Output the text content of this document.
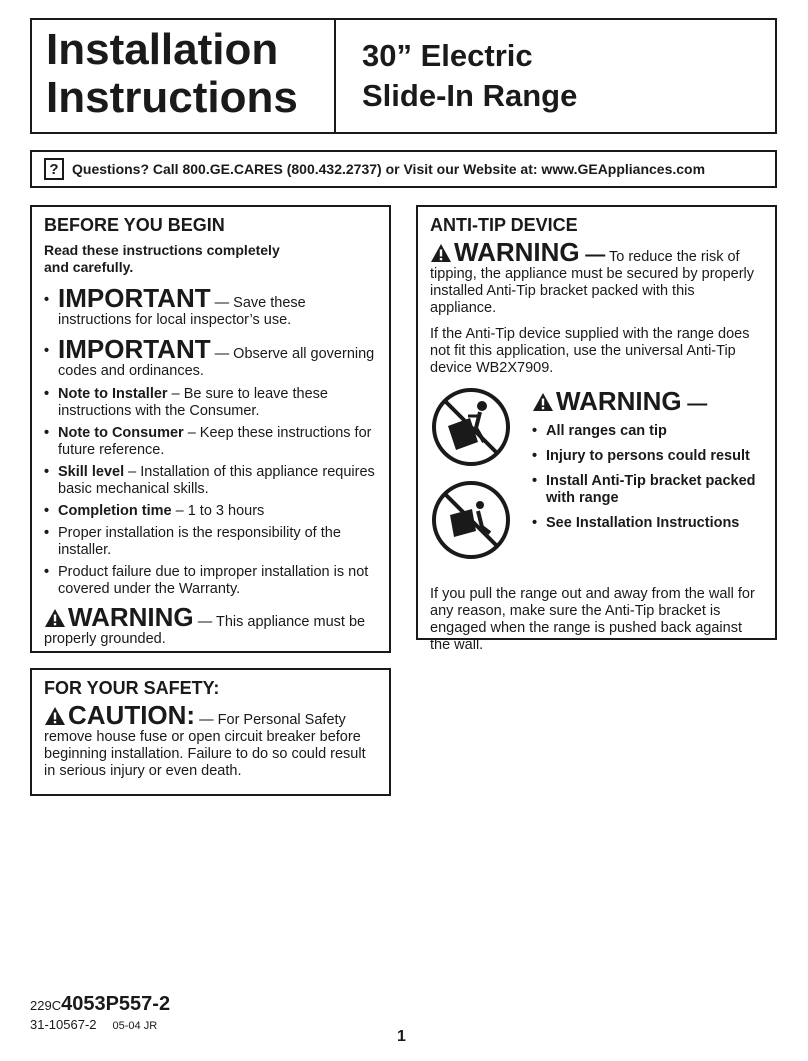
Installation
Instructions
30” Electric
Slide-In Range
? Questions? Call 800.GE.CARES (800.432.2737) or Visit our Website at: www.GEAppliances.com
BEFORE YOU BEGIN
Read these instructions completely
and carefully.
• IMPORTANT — Save these instructions for local inspector’s use.
• IMPORTANT — Observe all governing codes and ordinances.
• Note to Installer – Be sure to leave these instructions with the Consumer.
• Note to Consumer – Keep these instructions for future reference.
• Skill level – Installation of this appliance requires basic mechanical skills.
• Completion time – 1 to 3 hours
• Proper installation is the responsibility of the installer.
• Product failure due to improper installation is not covered under the Warranty.
WARNING — This appliance must be properly grounded.
ANTI-TIP DEVICE
WARNING — To reduce the risk of tipping, the appliance must be secured by properly installed Anti-Tip bracket packed with this appliance.
If the Anti-Tip device supplied with the range does not fit this application, use the universal Anti-Tip device WB2X7909.

WARNING —
• All ranges can tip
• Injury to persons could result
• Install Anti-Tip bracket packed with range
• See Installation Instructions
If you pull the range out and away from the wall for any reason, make sure the Anti-Tip bracket is engaged when the range is pushed back against the wall.
FOR YOUR SAFETY:
CAUTION: — For Personal Safety remove house fuse or open circuit breaker before beginning installation. Failure to do so could result in serious injury or even death.
229C4053P557-2
31-10567-2 05-04 JR
1
